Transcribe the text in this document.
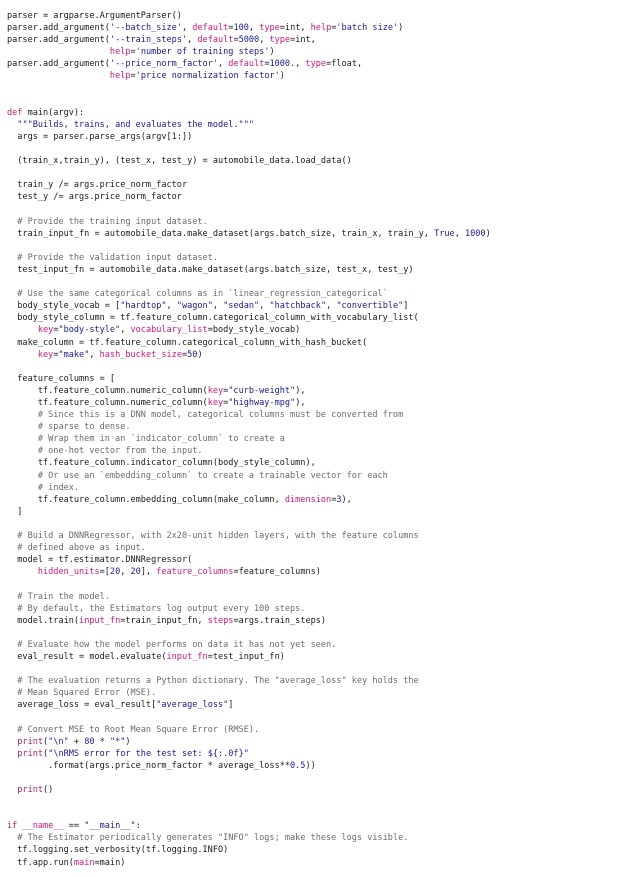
parser = argparse.ArgumentParser()
parser.add_argument('--batch_size', default=100, type=int, help='batch size')
parser.add_argument('--train_steps', default=5000, type=int,
help='number of training steps')
parser.add_argument('--price_norm_factor', default=1000., type=float,
help='price normalization factor')
def main(argv):
"""Builds, trains, and evaluates the model."""
args = parser.parse_args(argv[1:])
(train_x,train_y), (test_x, test_y) = automobile_data.load_data()
train_y /= args.price_norm_factor
test_y /= args.price_norm_factor
# Provide the training input dataset.
train_input_fn = automobile_data.make_dataset(args.batch_size, train_x, train_y, True, 1000)
# Provide the validation input dataset.
test_input_fn = automobile_data.make_dataset(args.batch_size, test_x, test_y)
# Use the same categorical columns as in `linear_regression_categorical`
body_style_vocab = ["hardtop", "wagon", "sedan", "hatchback", "convertible"]
body_style_column = tf.feature_column.categorical_column_with_vocabulary_list(
key="body-style", vocabulary_list=body_style_vocab)
make_column = tf.feature_column.categorical_column_with_hash_bucket(
key="make", hash_bucket_size=50)
feature_columns = [
tf.feature_column.numeric_column(key="curb-weight"),
tf.feature_column.numeric_column(key="highway-mpg"),
# Since this is a DNN model, categorical columns must be converted from
# sparse to dense.
# Wrap them in an `indicator_column` to create a
# one-hot vector from the input.
tf.feature_column.indicator_column(body_style_column),
# Or use an `embedding_column` to create a trainable vector for each
# index.
tf.feature_column.embedding_column(make_column, dimension=3),
]
# Build a DNNRegressor, with 2x20-unit hidden layers, with the feature columns
# defined above as input.
model = tf.estimator.DNNRegressor(
hidden_units=[20, 20], feature_columns=feature_columns)
# Train the model.
# By default, the Estimators log output every 100 steps.
model.train(input_fn=train_input_fn, steps=args.train_steps)
# Evaluate how the model performs on data it has not yet seen.
eval_result = model.evaluate(input_fn=test_input_fn)
# The evaluation returns a Python dictionary. The "average_loss" key holds the
# Mean Squared Error (MSE).
average_loss = eval_result["average_loss"]
# Convert MSE to Root Mean Square Error (RMSE).
print("\n" + 80 * "*")
print("\nRMS error for the test set: ${:.0f}"
.format(args.price_norm_factor * average_loss**0.5))
print()
if __name__ == "__main__":
# The Estimator periodically generates "INFO" logs; make these logs visible.
tf.logging.set_verbosity(tf.logging.INFO)
tf.app.run(main=main)
